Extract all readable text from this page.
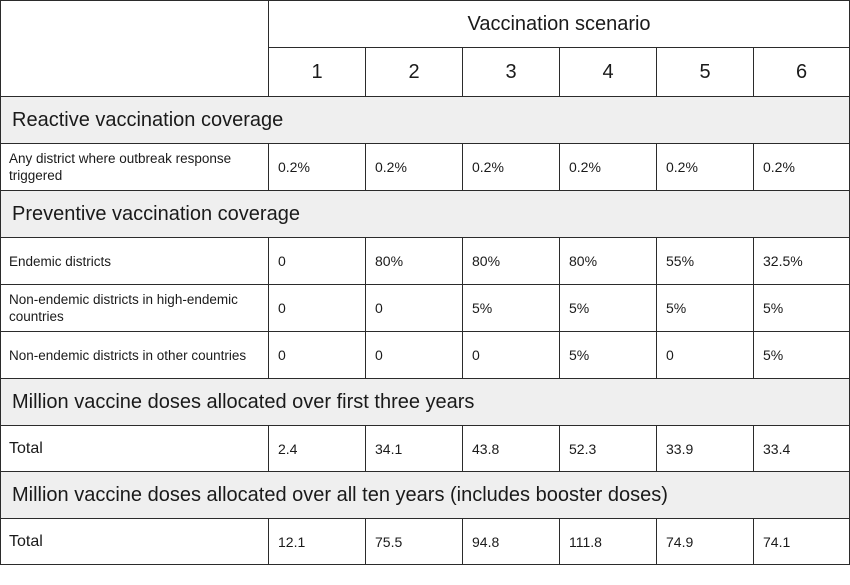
	Vaccination scenario					
	1	2	3	4	5	6
Reactive vaccination coverage						
Any district where outbreak response triggered	0.2%	0.2%	0.2%	0.2%	0.2%	0.2%
Preventive vaccination coverage						
Endemic districts	0	80%	80%	80%	55%	32.5%
Non-endemic districts in high-endemic countries	0	0	5%	5%	5%	5%
Non-endemic districts in other countries	0	0	0	5%	0	5%
Million vaccine doses allocated over first three years						
Total	2.4	34.1	43.8	52.3	33.9	33.4
Million vaccine doses allocated over all ten years (includes booster doses)						
Total	12.1	75.5	94.8	111.8	74.9	74.1
